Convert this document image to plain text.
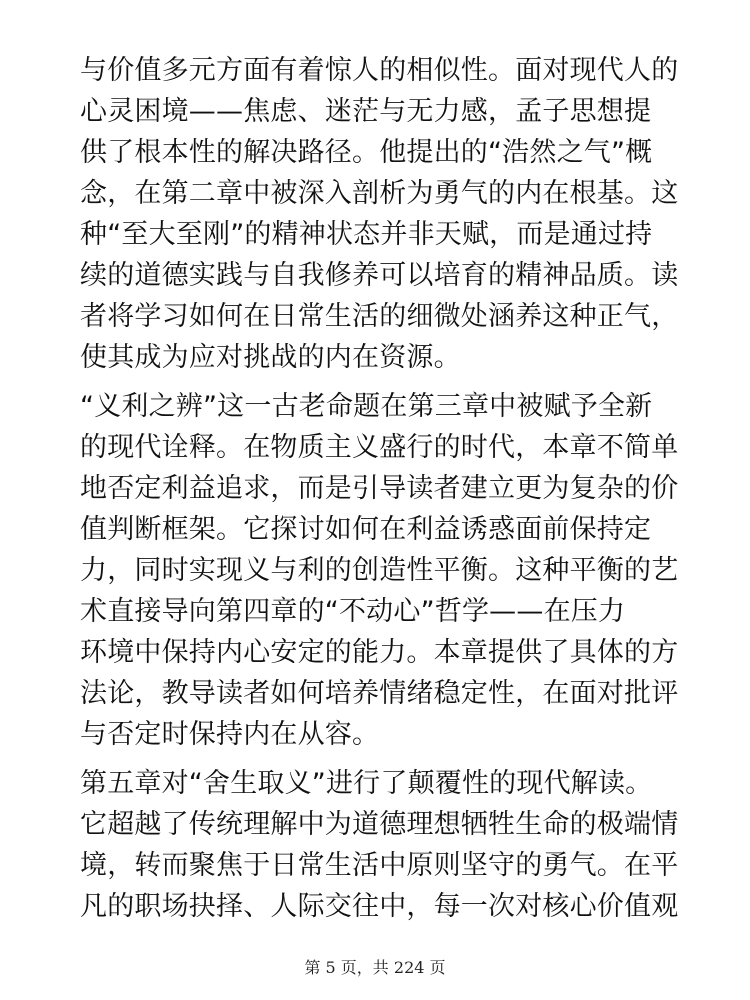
与价值多元方面有着惊人的相似性。面对现代人的
心灵困境——焦虑、迷茫与无力感，孟子思想提
供了根本性的解决路径。他提出的“浩然之气”概
念，在第二章中被深入剖析为勇气的内在根基。这
种“至大至刚”的精神状态并非天赋，而是通过持
续的道德实践与自我修养可以培育的精神品质。读
者将学习如何在日常生活的细微处涵养这种正气，
使其成为应对挑战的内在资源。
“义利之辨”这一古老命题在第三章中被赋予全新
的现代诠释。在物质主义盛行的时代，本章不简单
地否定利益追求，而是引导读者建立更为复杂的价
值判断框架。它探讨如何在利益诱惑面前保持定
力，同时实现义与利的创造性平衡。这种平衡的艺
术直接导向第四章的“不动心”哲学——在压力
环境中保持内心安定的能力。本章提供了具体的方
法论，教导读者如何培养情绪稳定性，在面对批评
与否定时保持内在从容。
第五章对“舍生取义”进行了颠覆性的现代解读。
它超越了传统理解中为道德理想牺牲生命的极端情
境，转而聚焦于日常生活中原则坚守的勇气。在平
凡的职场抉择、人际交往中，每一次对核心价值观
第 5 页，共 224 页
